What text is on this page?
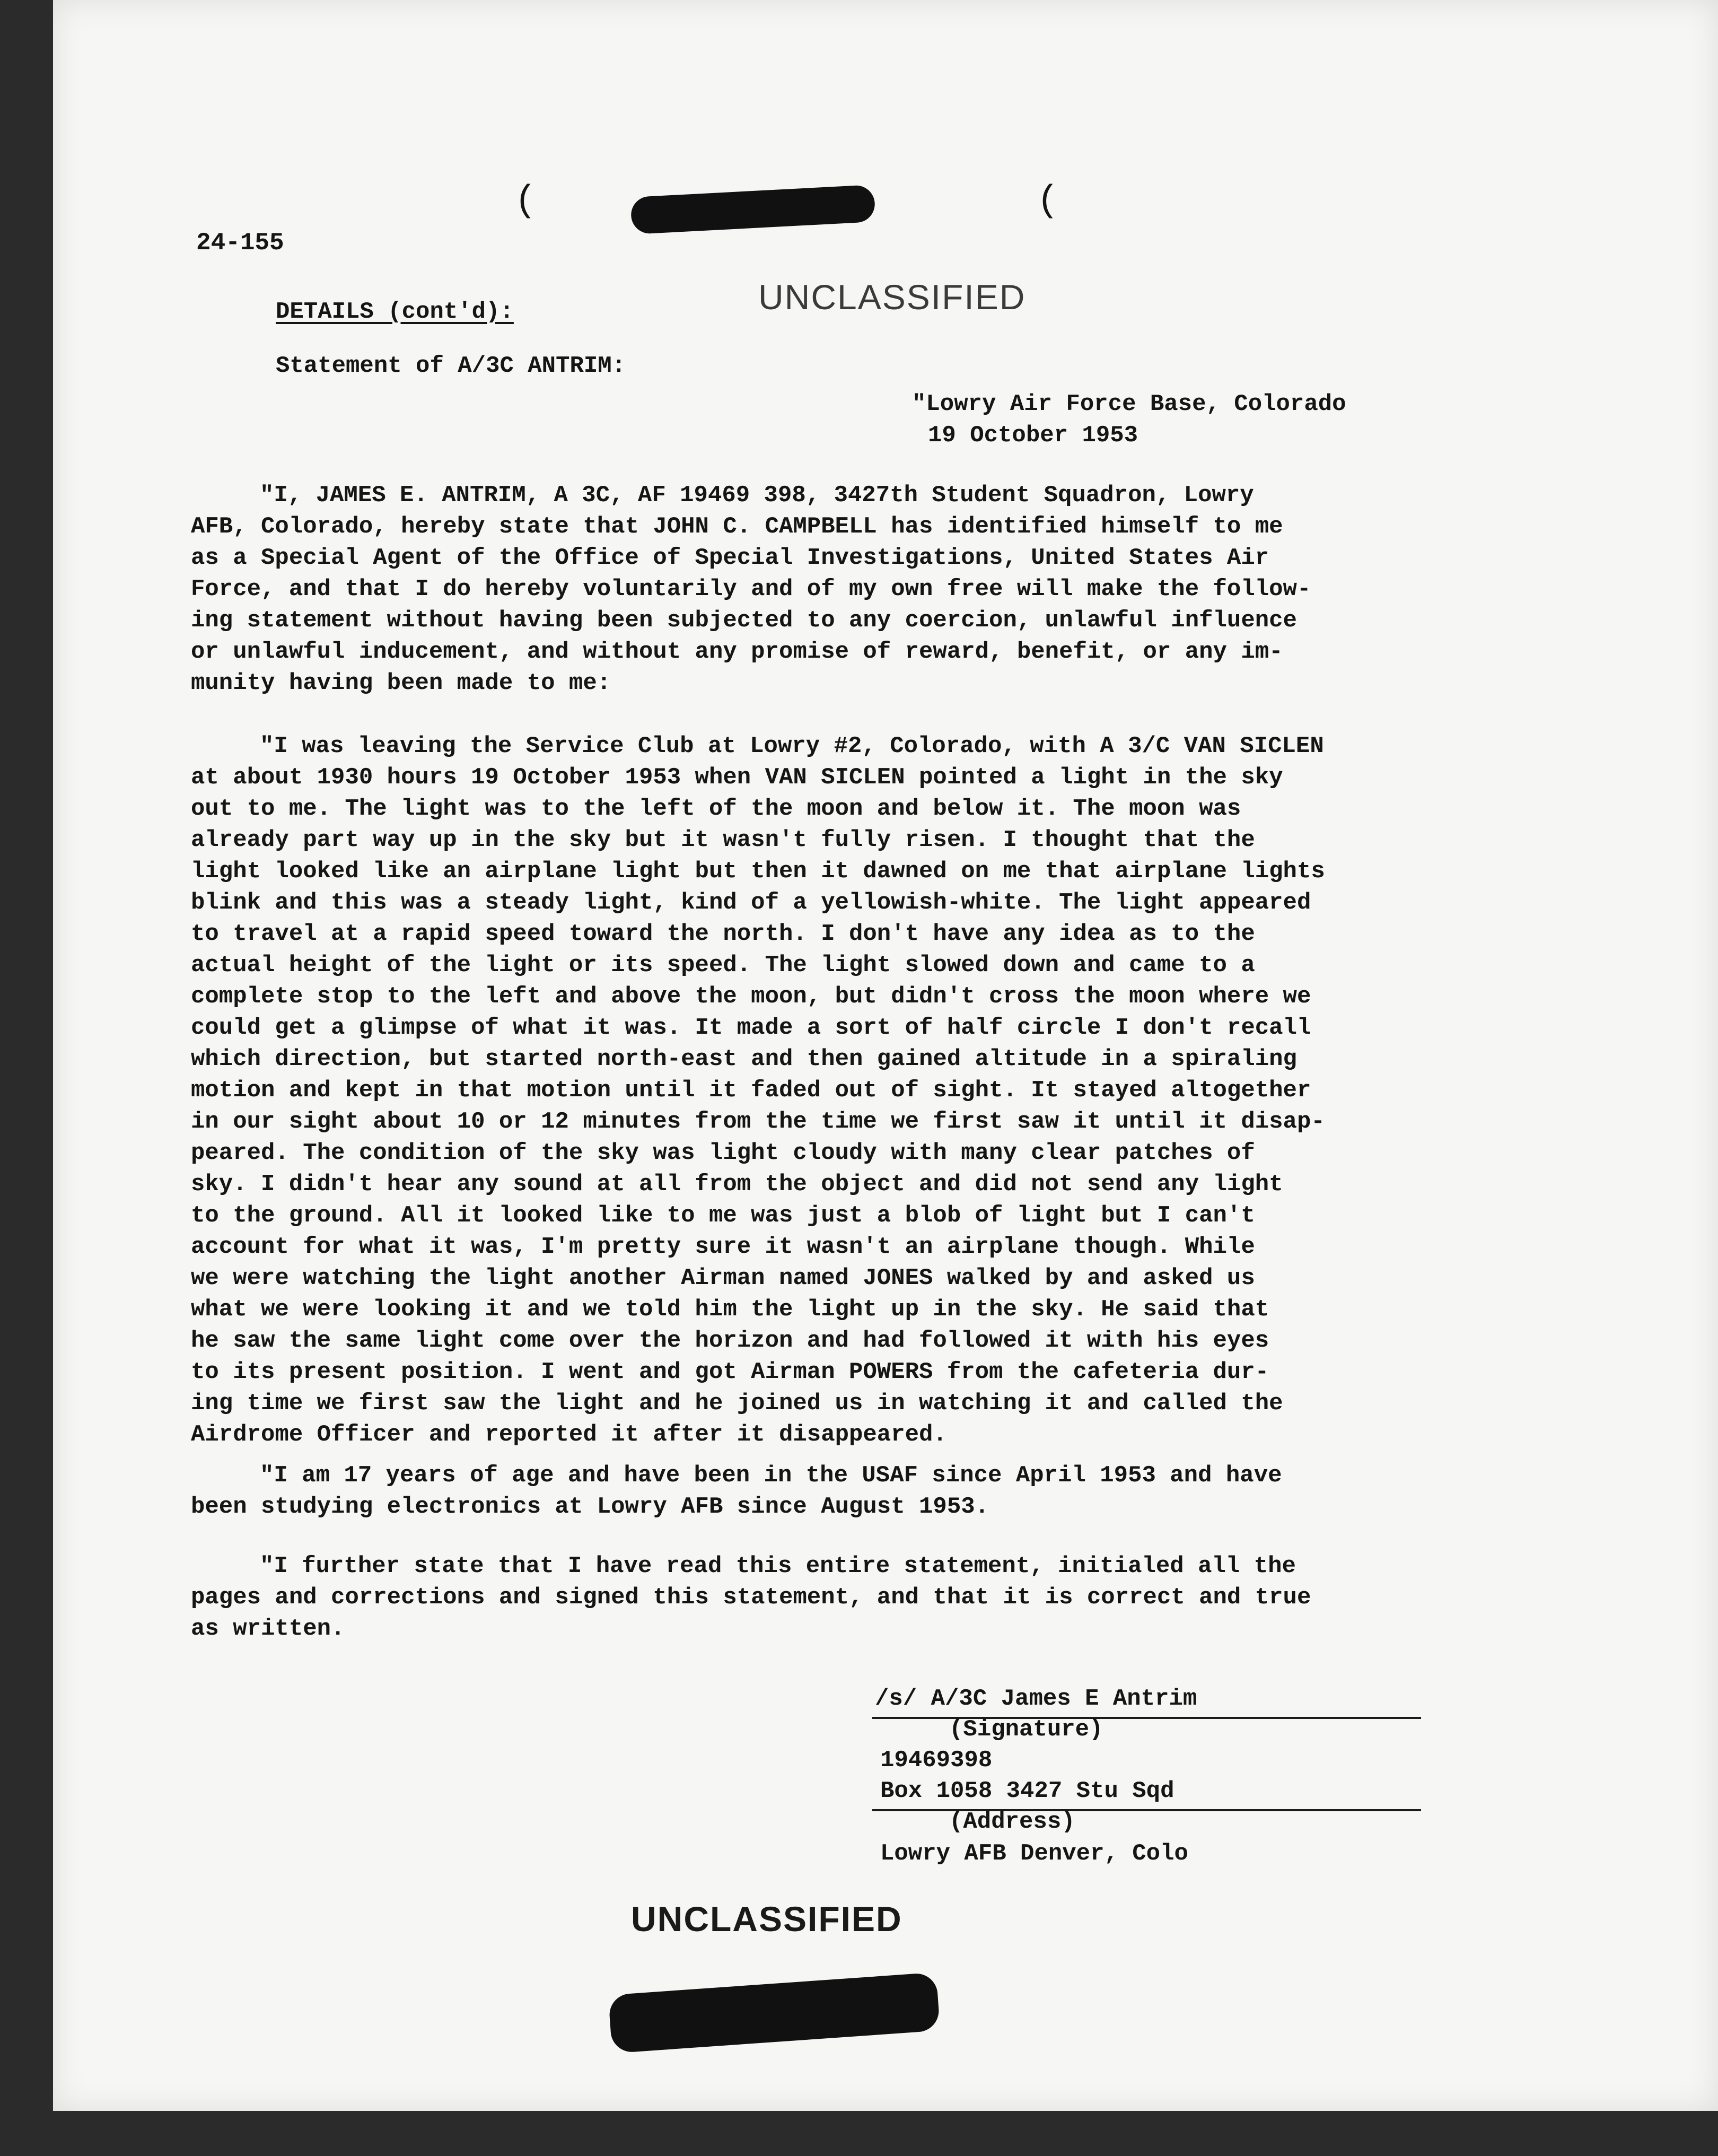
(	(
24-155
UNCLASSIFIED
DETAILS (cont'd):
Statement of A/3C ANTRIM:
"Lowry Air Force Base, Colorado
19 October 1953
"I, JAMES E. ANTRIM, A 3C, AF 19469 398, 3427th Student Squadron, Lowry
AFB, Colorado, hereby state that JOHN C. CAMPBELL has identified himself to me
as a Special Agent of the Office of Special Investigations, United States Air
Force, and that I do hereby voluntarily and of my own free will make the follow-
ing statement without having been subjected to any coercion, unlawful influence
or unlawful inducement, and without any promise of reward, benefit, or any im-
munity having been made to me:
"I was leaving the Service Club at Lowry #2, Colorado, with A 3/C VAN SICLEN
at about 1930 hours 19 October 1953 when VAN SICLEN pointed a light in the sky
out to me. The light was to the left of the moon and below it. The moon was
already part way up in the sky but it wasn't fully risen. I thought that the
light looked like an airplane light but then it dawned on me that airplane lights
blink and this was a steady light, kind of a yellowish-white. The light appeared
to travel at a rapid speed toward the north. I don't have any idea as to the
actual height of the light or its speed. The light slowed down and came to a
complete stop to the left and above the moon, but didn't cross the moon where we
could get a glimpse of what it was. It made a sort of half circle I don't recall
which direction, but started north-east and then gained altitude in a spiraling
motion and kept in that motion until it faded out of sight. It stayed altogether
in our sight about 10 or 12 minutes from the time we first saw it until it disap-
peared. The condition of the sky was light cloudy with many clear patches of
sky. I didn't hear any sound at all from the object and did not send any light
to the ground. All it looked like to me was just a blob of light but I can't
account for what it was, I'm pretty sure it wasn't an airplane though. While
we were watching the light another Airman named JONES walked by and asked us
what we were looking it and we told him the light up in the sky. He said that
he saw the same light come over the horizon and had followed it with his eyes
to its present position. I went and got Airman POWERS from the cafeteria dur-
ing time we first saw the light and he joined us in watching it and called the
Airdrome Officer and reported it after it disappeared.
"I am 17 years of age and have been in the USAF since April 1953 and have
been studying electronics at Lowry AFB since August 1953.
"I further state that I have read this entire statement, initialed all the
pages and corrections and signed this statement, and that it is correct and true
as written.
/s/ A/3C James E Antrim
(Signature)
19469398
Box 1058 3427 Stu Sqd
(Address)
Lowry AFB Denver, Colo
UNCLASSIFIED
